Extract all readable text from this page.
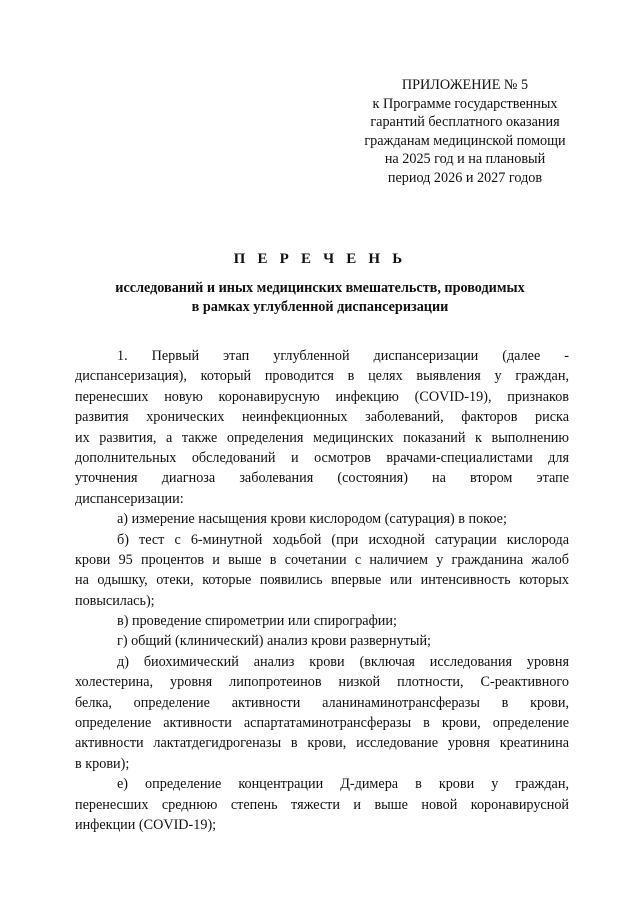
ПРИЛОЖЕНИЕ № 5
к Программе государственных
гарантий бесплатного оказания
гражданам медицинской помощи
на 2025 год и на плановый
период 2026 и 2027 годов
П Е Р Е Ч Е Н Ь
исследований и иных медицинских вмешательств, проводимых
в рамках углубленной диспансеризации
1. Первый этап углубленной диспансеризации (далее -
диспансеризация), который проводится в целях выявления у граждан,
перенесших новую коронавирусную инфекцию (COVID-19), признаков
развития хронических неинфекционных заболеваний, факторов риска
их развития, а также определения медицинских показаний к выполнению
дополнительных обследований и осмотров врачами-специалистами для
уточнения диагноза заболевания (состояния) на втором этапе
диспансеризации:
а) измерение насыщения крови кислородом (сатурация) в покое;
б) тест с 6-минутной ходьбой (при исходной сатурации кислорода
крови 95 процентов и выше в сочетании с наличием у гражданина жалоб
на одышку, отеки, которые появились впервые или интенсивность которых
повысилась);
в) проведение спирометрии или спирографии;
г) общий (клинический) анализ крови развернутый;
д) биохимический анализ крови (включая исследования уровня
холестерина, уровня липопротеинов низкой плотности, С-реактивного
белка, определение активности аланинаминотрансферазы в крови,
определение активности аспартатаминотрансферазы в крови, определение
активности лактатдегидрогеназы в крови, исследование уровня креатинина
в крови);
е) определение концентрации Д-димера в крови у граждан,
перенесших среднюю степень тяжести и выше новой коронавирусной
инфекции (COVID-19);
